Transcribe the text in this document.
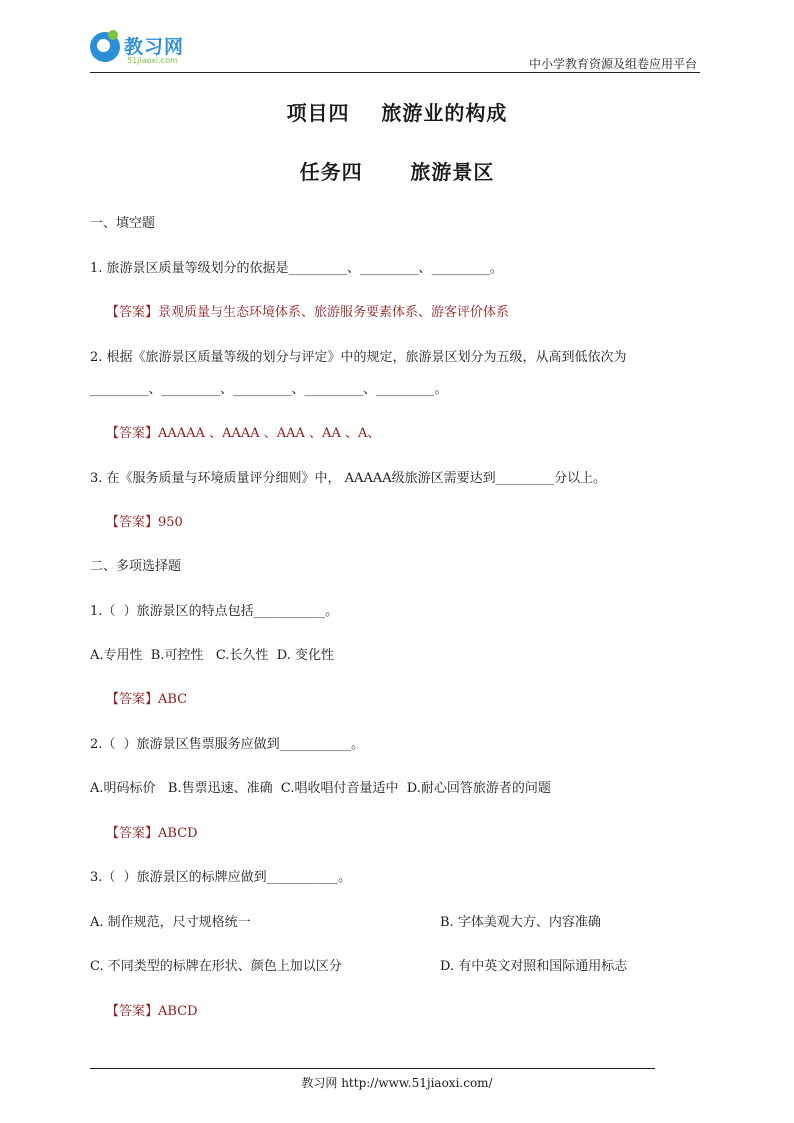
教习网
51jiaoxi.com	中小学教育资源及组卷应用平台
项目四    旅游业的构成
任务四      旅游景区
一、填空题
1. 旅游景区质量等级划分的依据是_________、_________、_________。
【答案】景观质量与生态环境体系、旅游服务要素体系、游客评价体系
2. 根据《旅游景区质量等级的划分与评定》中的规定，旅游景区划分为五级，从高到低依次为
_________、_________、_________、_________、_________。
【答案】AAAAA 、AAAA 、AAA 、AA 、A、
3. 在《服务质量与环境质量评分细则》中， AAAAA级旅游区需要达到_________分以上。
【答案】950
二、多项选择题
1.（  ）旅游景区的特点包括___________。
A.专用性  B.可控性   C.长久性  D. 变化性
【答案】ABC
2.（  ）旅游景区售票服务应做到___________。
A.明码标价   B.售票迅速、准确  C.唱收唱付音量适中  D.耐心回答旅游者的问题
【答案】ABCD
3.（  ）旅游景区的标牌应做到___________。
A. 制作规范，尺寸规格统一	B. 字体美观大方、内容准确
C. 不同类型的标牌在形状、颜色上加以区分	D. 有中英文对照和国际通用标志
【答案】ABCD
教习网 http://www.51jiaoxi.com/
